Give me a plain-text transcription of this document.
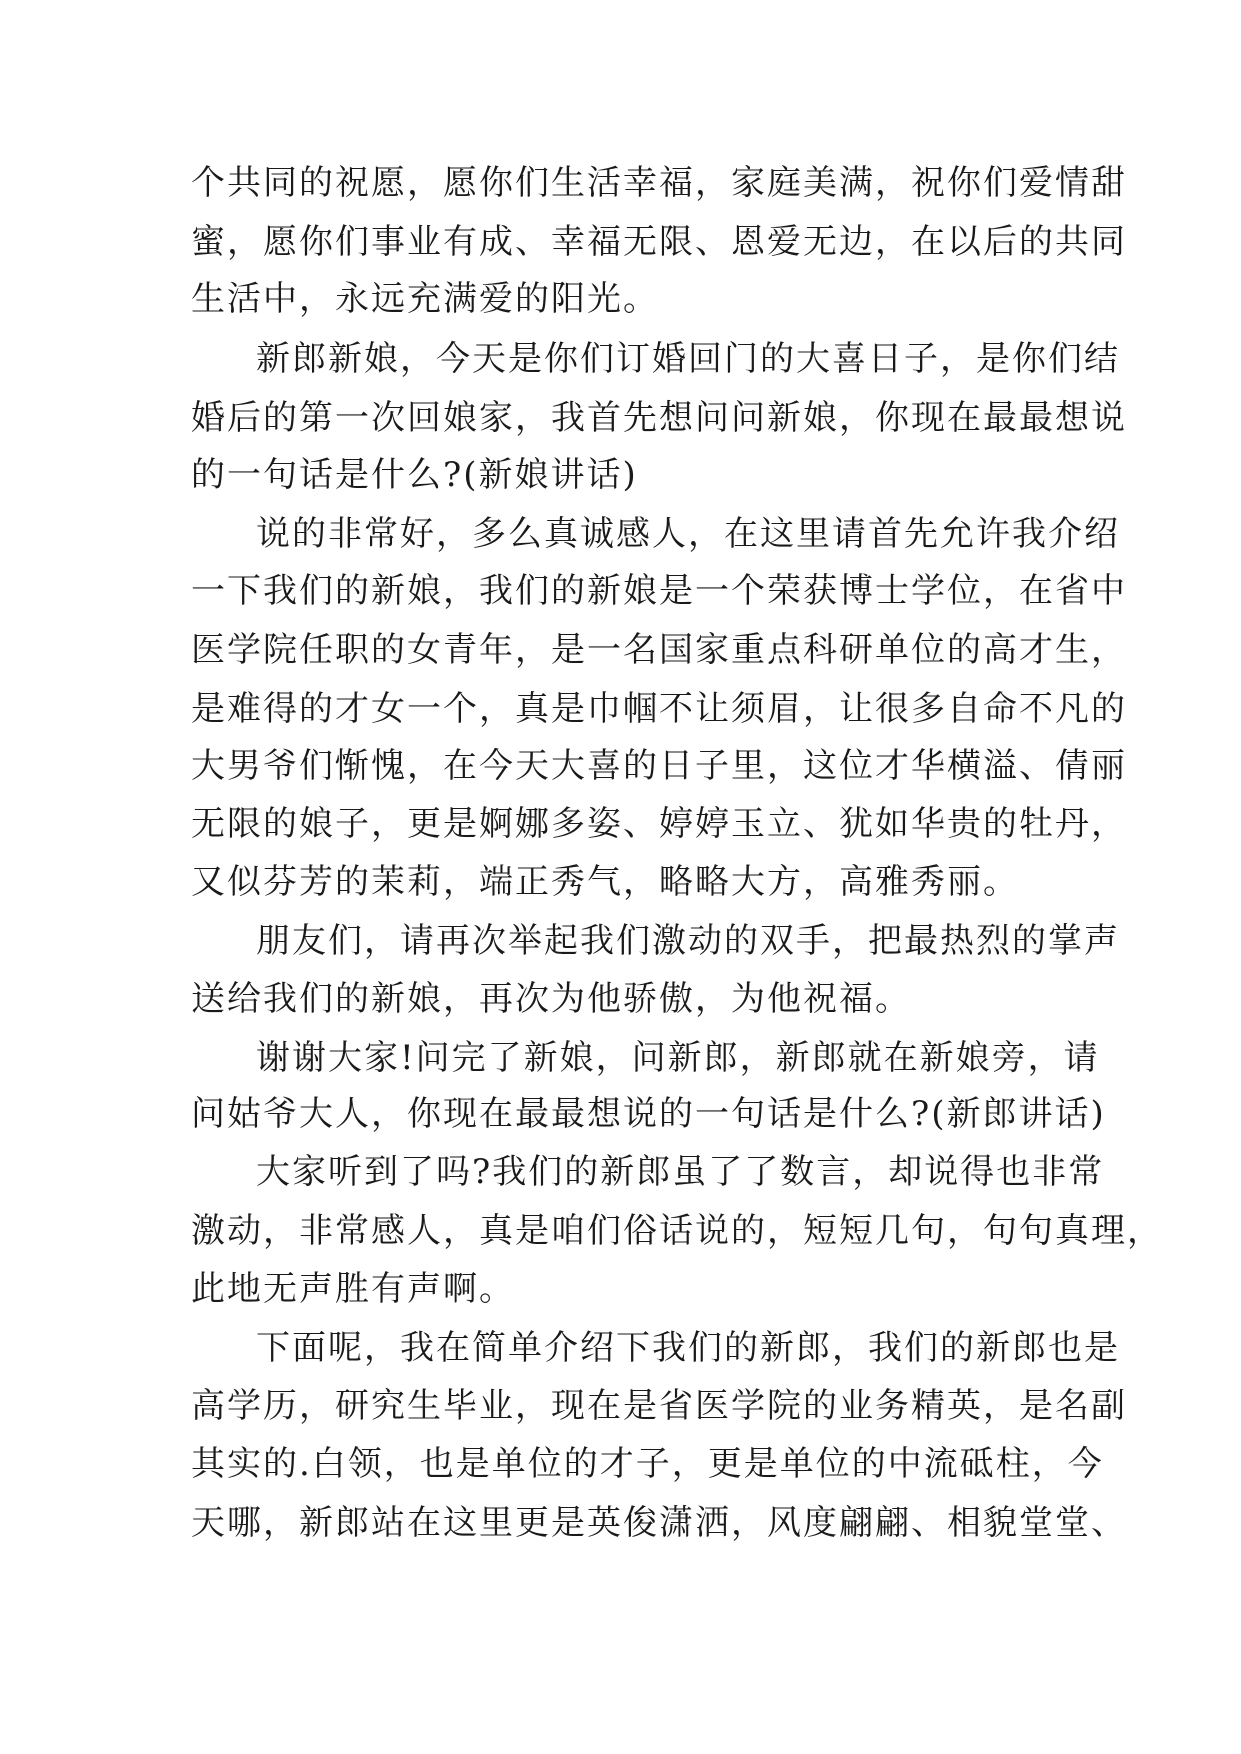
个共同的祝愿，愿你们生活幸福，家庭美满，祝你们爱情甜
蜜，愿你们事业有成、幸福无限、恩爱无边，在以后的共同
生活中，永远充满爱的阳光。
新郎新娘，今天是你们订婚回门的大喜日子，是你们结
婚后的第一次回娘家，我首先想问问新娘，你现在最最想说
的一句话是什么?(新娘讲话)
说的非常好，多么真诚感人，在这里请首先允许我介绍
一下我们的新娘，我们的新娘是一个荣获博士学位，在省中
医学院任职的女青年，是一名国家重点科研单位的高才生，
是难得的才女一个，真是巾帼不让须眉，让很多自命不凡的
大男爷们惭愧，在今天大喜的日子里，这位才华横溢、倩丽
无限的娘子，更是婀娜多姿、婷婷玉立、犹如华贵的牡丹，
又似芬芳的茉莉，端正秀气，略略大方，高雅秀丽。
朋友们，请再次举起我们激动的双手，把最热烈的掌声
送给我们的新娘，再次为他骄傲，为他祝福。
谢谢大家!问完了新娘，问新郎，新郎就在新娘旁，请
问姑爷大人，你现在最最想说的一句话是什么?(新郎讲话)
大家听到了吗?我们的新郎虽了了数言，却说得也非常
激动，非常感人，真是咱们俗话说的，短短几句，句句真理，
此地无声胜有声啊。
下面呢，我在简单介绍下我们的新郎，我们的新郎也是
高学历，研究生毕业，现在是省医学院的业务精英，是名副
其实的.白领，也是单位的才子，更是单位的中流砥柱，今
天哪，新郎站在这里更是英俊潇洒，风度翩翩、相貌堂堂、
